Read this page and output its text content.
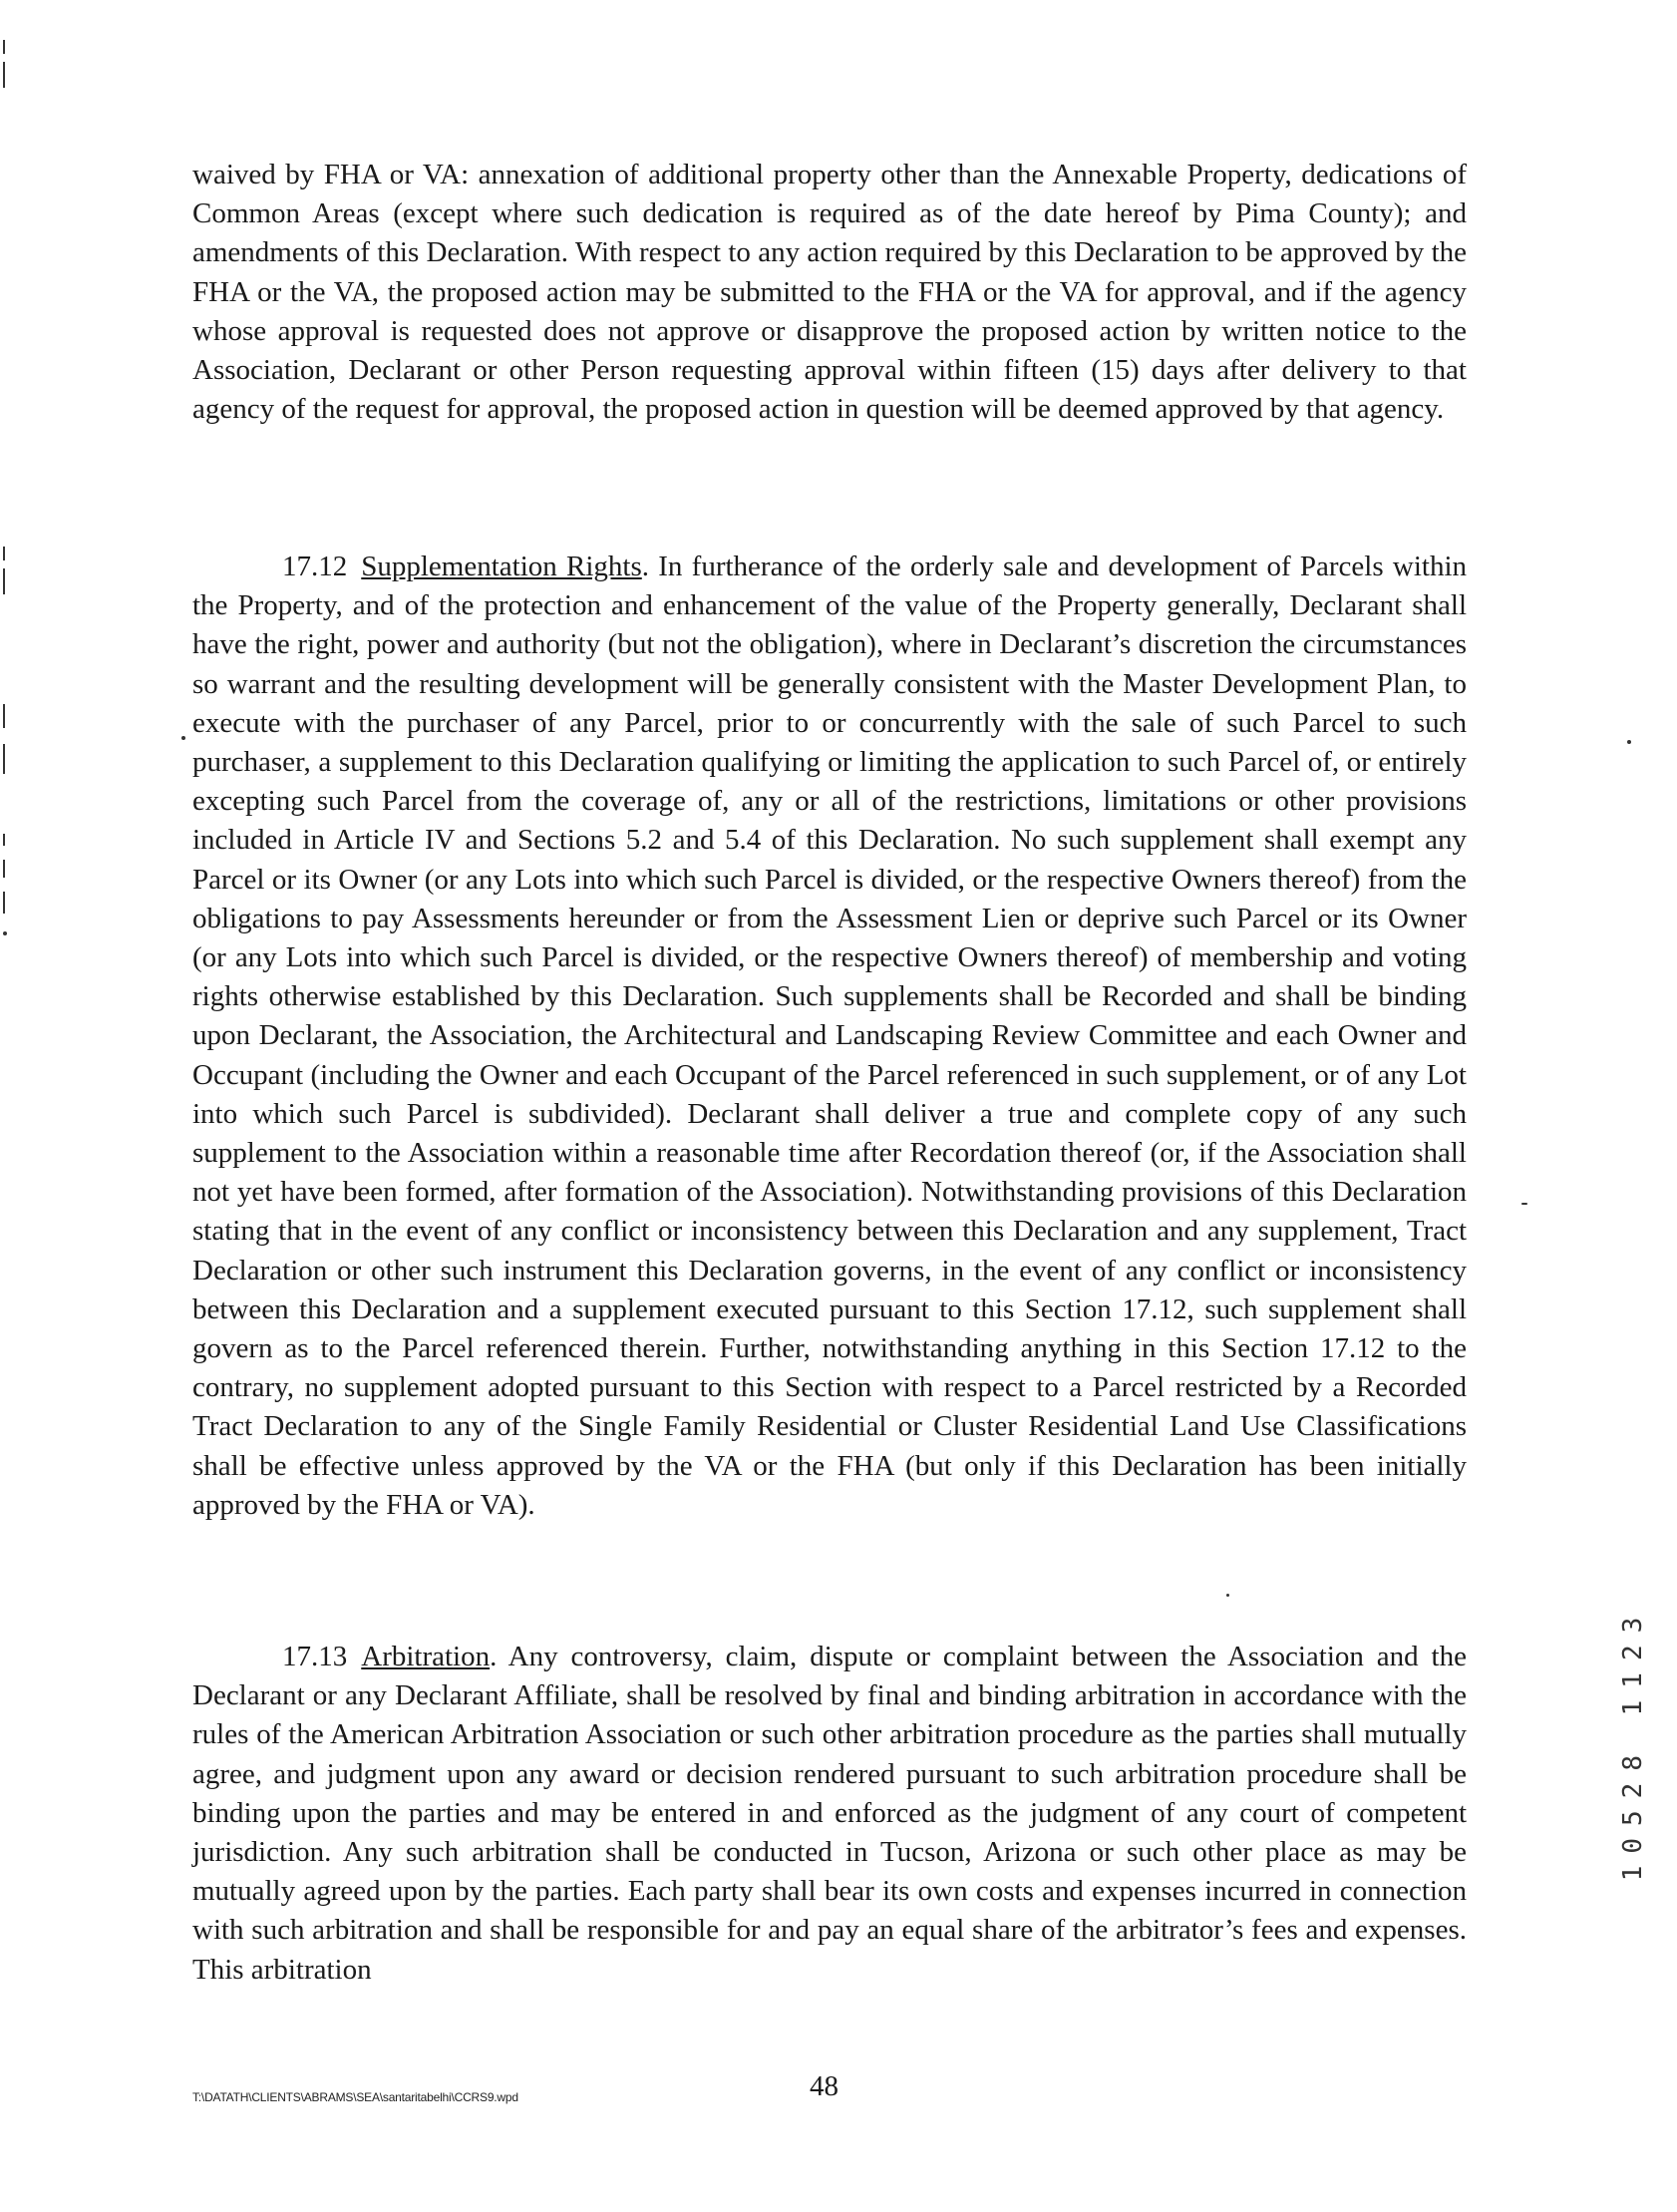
waived by FHA or VA: annexation of additional property other than the Annexable Property, dedications of Common Areas (except where such dedication is required as of the date hereof by Pima County); and amendments of this Declaration. With respect to any action required by this Declaration to be approved by the FHA or the VA, the proposed action may be submitted to the FHA or the VA for approval, and if the agency whose approval is requested does not approve or disapprove the proposed action by written notice to the Association, Declarant or other Person requesting approval within fifteen (15) days after delivery to that agency of the request for approval, the proposed action in question will be deemed approved by that agency.

17.12 Supplementation Rights. In furtherance of the orderly sale and development of Parcels within the Property, and of the protection and enhancement of the value of the Property generally, Declarant shall have the right, power and authority (but not the obligation), where in Declarant’s discretion the circumstances so warrant and the resulting development will be generally consistent with the Master Development Plan, to execute with the purchaser of any Parcel, prior to or concurrently with the sale of such Parcel to such purchaser, a supplement to this Declaration qualifying or limiting the application to such Parcel of, or entirely excepting such Parcel from the coverage of, any or all of the restrictions, limitations or other provisions included in Article IV and Sections 5.2 and 5.4 of this Declaration. No such supplement shall exempt any Parcel or its Owner (or any Lots into which such Parcel is divided, or the respective Owners thereof) from the obligations to pay Assessments hereunder or from the Assessment Lien or deprive such Parcel or its Owner (or any Lots into which such Parcel is divided, or the respective Owners thereof) of membership and voting rights otherwise established by this Declaration. Such supplements shall be Recorded and shall be binding upon Declarant, the Association, the Architectural and Landscaping Review Committee and each Owner and Occupant (including the Owner and each Occupant of the Parcel referenced in such supplement, or of any Lot into which such Parcel is subdivided). Declarant shall deliver a true and complete copy of any such supplement to the Association within a reasonable time after Recordation thereof (or, if the Association shall not yet have been formed, after formation of the Association). Notwithstanding provisions of this Declaration stating that in the event of any conflict or inconsistency between this Declaration and any supplement, Tract Declaration or other such instrument this Declaration governs, in the event of any conflict or inconsistency between this Declaration and a supplement executed pursuant to this Section 17.12, such supplement shall govern as to the Parcel referenced therein. Further, notwithstanding anything in this Section 17.12 to the contrary, no supplement adopted pursuant to this Section with respect to a Parcel restricted by a Recorded Tract Declaration to any of the Single Family Residential or Cluster Residential Land Use Classifications shall be effective unless approved by the VA or the FHA (but only if this Declaration has been initially approved by the FHA or VA).

17.13 Arbitration. Any controversy, claim, dispute or complaint between the Association and the Declarant or any Declarant Affiliate, shall be resolved by final and binding arbitration in accordance with the rules of the American Arbitration Association or such other arbitration procedure as the parties shall mutually agree, and judgment upon any award or decision rendered pursuant to such arbitration procedure shall be binding upon the parties and may be entered in and enforced as the judgment of any court of competent jurisdiction. Any such arbitration shall be conducted in Tucson, Arizona or such other place as may be mutually agreed upon by the parties. Each party shall bear its own costs and expenses incurred in connection with such arbitration and shall be responsible for and pay an equal share of the arbitrator’s fees and expenses. This arbitration

10528 1123
T:\DATATH\CLIENTS\ABRAMS\SEA\santaritabelhi\CCRS9.wpd	48
